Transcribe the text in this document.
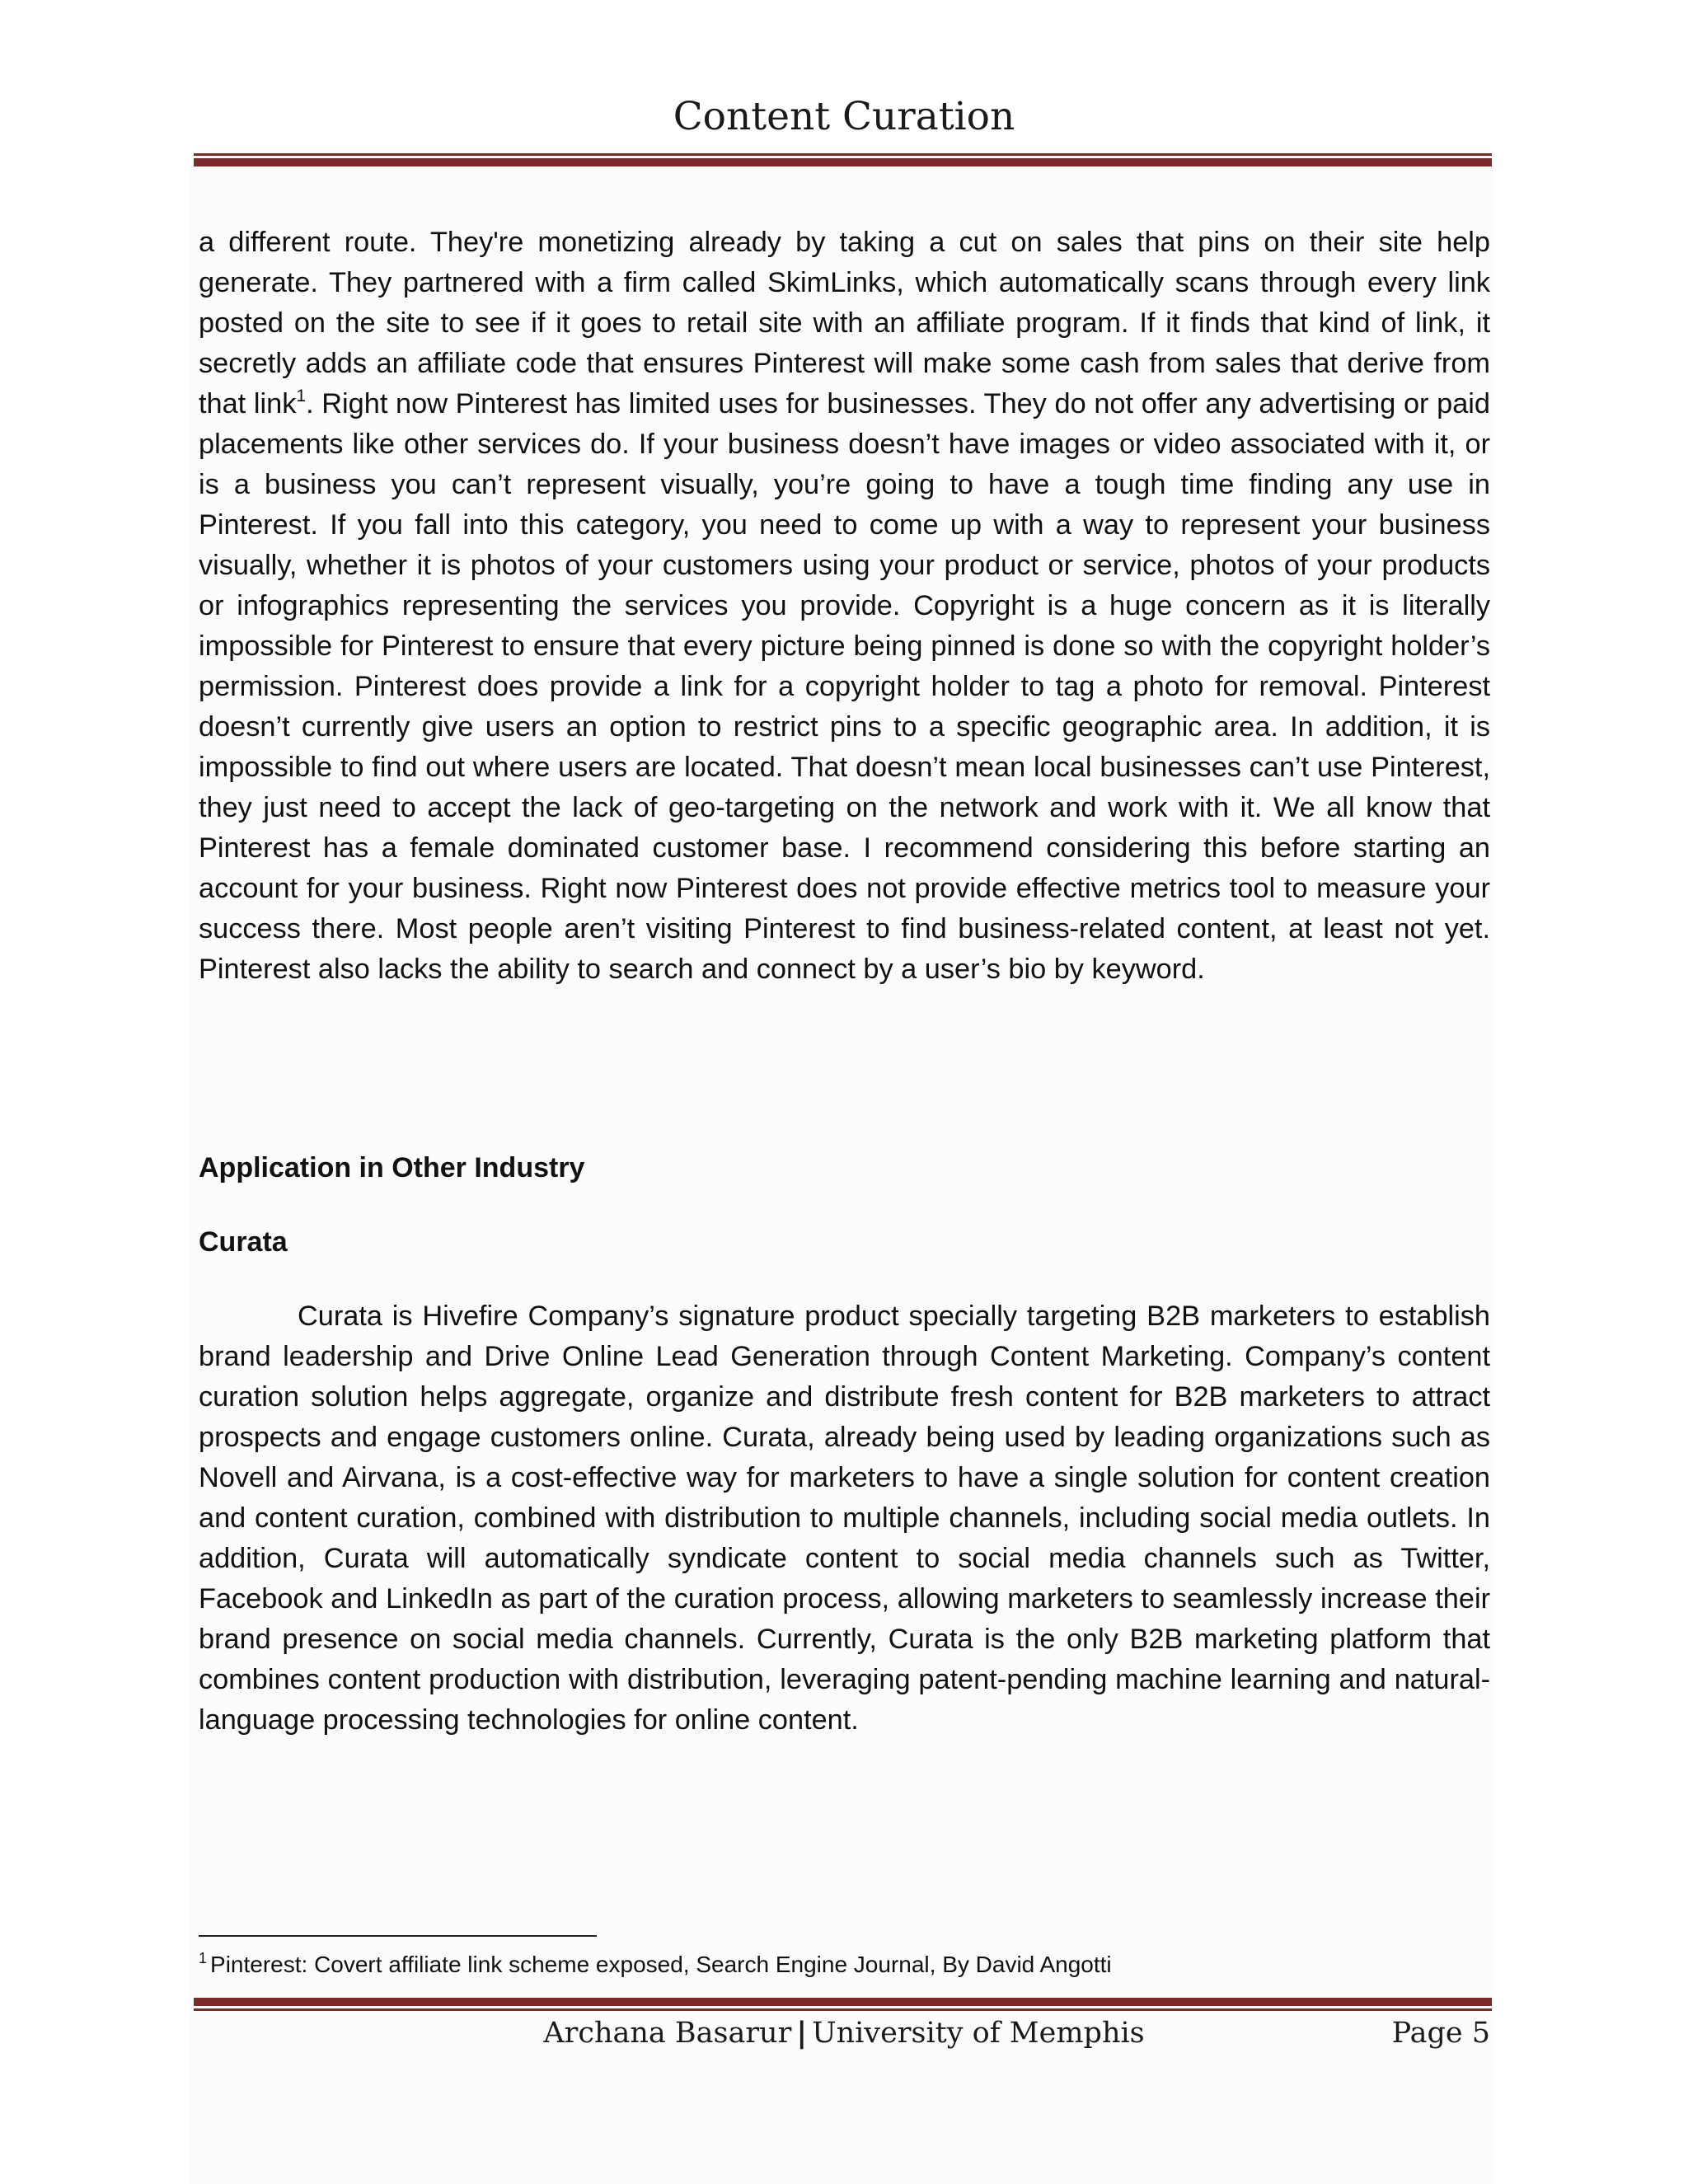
Content Curation

a different route. They're monetizing already by taking a cut on sales that pins on their site help generate. They partnered with a firm called SkimLinks, which automatically scans through every link posted on the site to see if it goes to retail site with an affiliate program. If it finds that kind of link, it secretly adds an affiliate code that ensures Pinterest will make some cash from sales that derive from that link$^1$. Right now Pinterest has limited uses for businesses. They do not offer any advertising or paid placements like other services do. If your business doesn’t have images or video associated with it, or is a business you can’t represent visually, you’re going to have a tough time finding any use in Pinterest. If you fall into this category, you need to come up with a way to represent your business visually, whether it is photos of your customers using your product or service, photos of your products or infographics representing the services you provide. Copyright is a huge concern as it is literally impossible for Pinterest to ensure that every picture being pinned is done so with the copyright holder’s permission. Pinterest does provide a link for a copyright holder to tag a photo for removal. Pinterest doesn’t currently give users an option to restrict pins to a specific geographic area. In addition, it is impossible to find out where users are located. That doesn’t mean local businesses can’t use Pinterest, they just need to accept the lack of geo-targeting on the network and work with it. We all know that Pinterest has a female dominated customer base. I recommend considering this before starting an account for your business. Right now Pinterest does not provide effective metrics tool to measure your success there. Most people aren’t visiting Pinterest to find business-related content, at least not yet. Pinterest also lacks the ability to search and connect by a user’s bio by keyword.

Application in Other Industry
Curata

Curata is Hivefire Company’s signature product specially targeting B2B marketers to establish brand leadership and Drive Online Lead Generation through Content Marketing. Company’s content curation solution helps aggregate, organize and distribute fresh content for B2B marketers to attract prospects and engage customers online. Curata, already being used by leading organizations such as Novell and Airvana, is a cost-effective way for marketers to have a single solution for content creation and content curation, combined with distribution to multiple channels, including social media outlets. In addition, Curata will automatically syndicate content to social media channels such as Twitter, Facebook and LinkedIn as part of the curation process, allowing marketers to seamlessly increase their brand presence on social media channels. Currently, Curata is the only B2B marketing platform that combines content production with distribution, leveraging patent-pending machine learning and natural-language processing technologies for online content.

$^1$ Pinterest: Covert affiliate link scheme exposed, Search Engine Journal, By David Angotti
Archana Basarur | University of Memphis	Page 5
